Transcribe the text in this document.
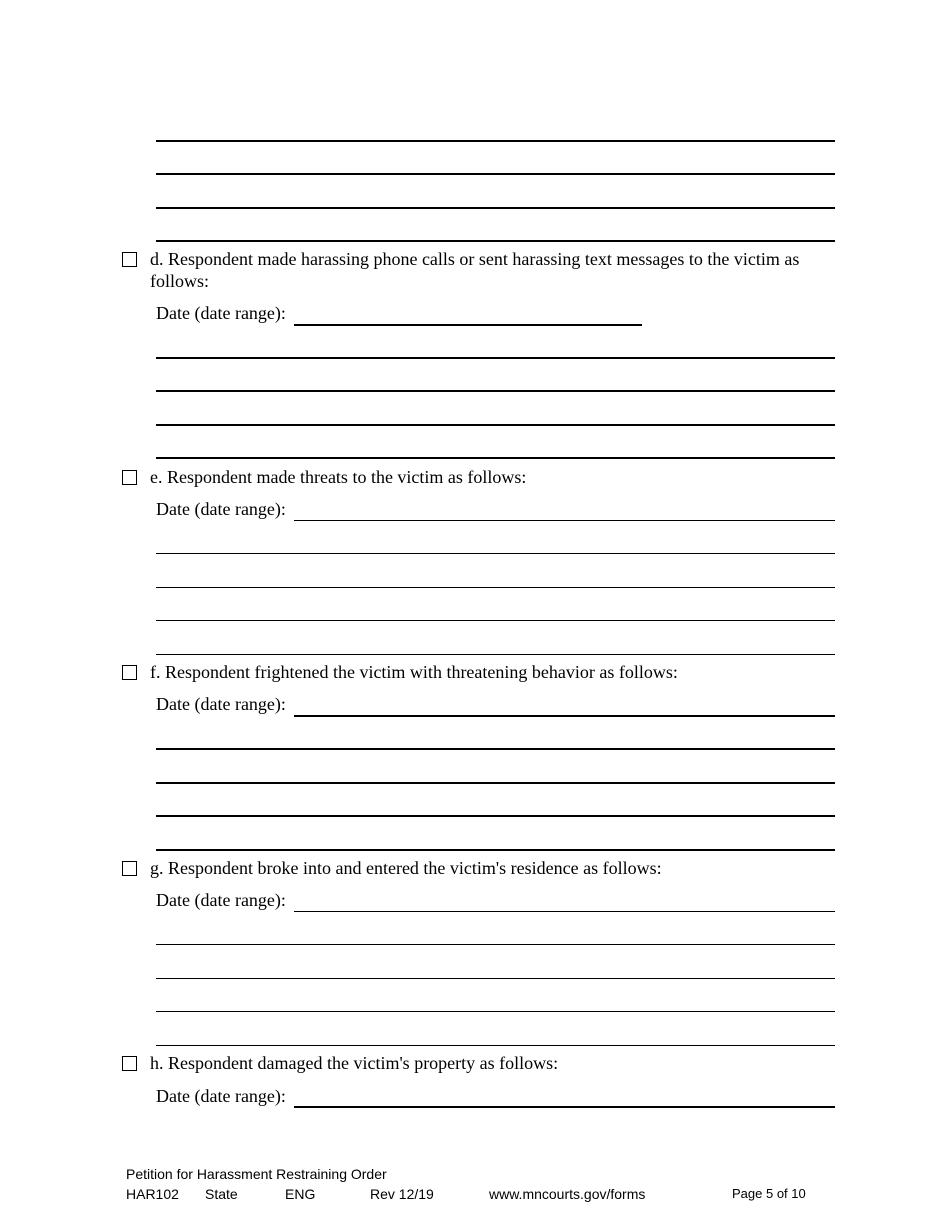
d. Respondent made harassing phone calls or sent harassing text messages to the victim as
follows:
Date (date range):
e. Respondent made threats to the victim as follows:
Date (date range):
f. Respondent frightened the victim with threatening behavior as follows:
Date (date range):
g. Respondent broke into and entered the victim's residence as follows:
Date (date range):
h. Respondent damaged the victim's property as follows:
Date (date range):
Petition for Harassment Restraining Order
HAR102 State	ENG	Rev 12/19	www.mncourts.gov/forms	Page 5 of 10
